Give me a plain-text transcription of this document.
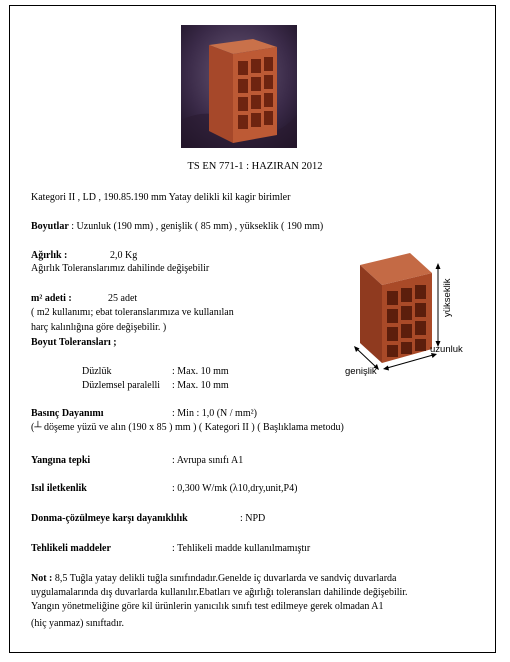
TS EN 771-1 : HAZIRAN 2012
Kategori II , LD , 190.85.190 mm Yatay delikli kil kagir birimler
Boyutlar : Uzunluk (190 mm) , genişlik ( 85 mm) , yükseklik ( 190 mm)
Ağırlık :	2,0 Kg
Ağırlık Toleranslarımız dahilinde değişebilir
m² adeti :	25 adet
( m2 kullanımı; ebat toleranslarımıza ve kullanılan
harç kalınlığına göre değişebilir. )
Boyut Toleransları ;
Düzlük	: Max. 10 mm
Düzlemsel paralelli : Max. 10 mm
Basınç Dayanımı	: Min : 1,0 (N / mm²)
(┴ döşeme yüzü ve alın (190 x 85 ) mm ) ( Kategori II ) ( Başlıklama metodu)
Yangına tepki	: Avrupa sınıfı A1
Isıl iletkenlik	: 0,300 W/mk (λ10,dry,unit,P4)
Donma-çözülmeye karşı dayanıklılık	: NPD
Tehlikeli maddeler	: Tehlikeli madde kullanılmamıştır
Not : 8,5 Tuğla yatay delikli tuğla sınıfındadır.Genelde iç duvarlarda ve sandviç duvarlarda
uygulamalarında dış duvarlarda kullanılır.Ebatları ve ağırlığı toleransları dahilinde değişebilir.
Yangın yönetmeliğine göre kil ürünlerin yanıcılık sınıfı test edilmeye gerek olmadan A1
(hiç yanmaz) sınıftadır.
yükseklik
uzunluk
genişlik
